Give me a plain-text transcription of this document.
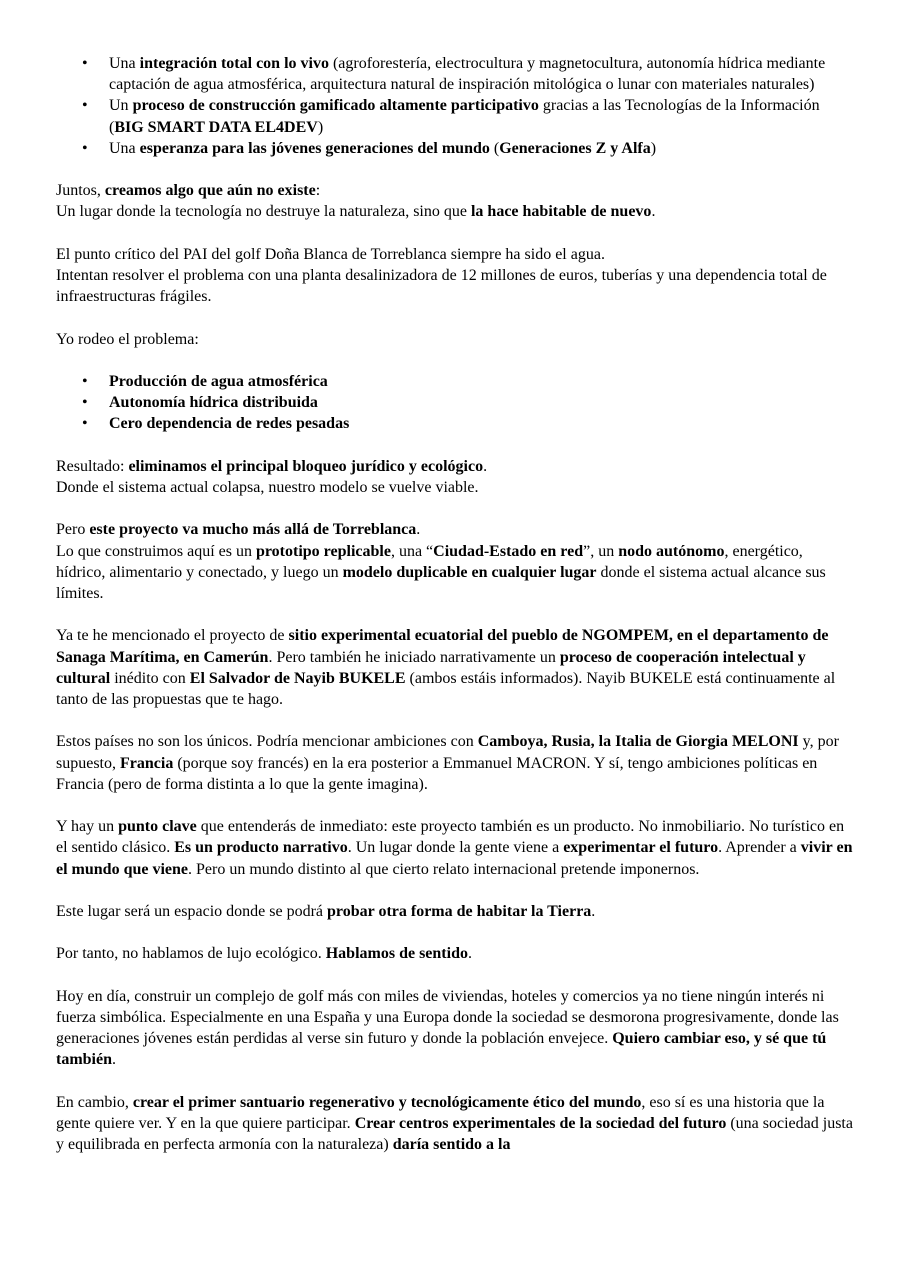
• Una integración total con lo vivo (agroforestería, electrocultura y magnetocultura, autonomía hídrica mediante captación de agua atmosférica, arquitectura natural de inspiración mitológica o lunar con materiales naturales)
• Un proceso de construcción gamificado altamente participativo gracias a las Tecnologías de la Información (BIG SMART DATA EL4DEV)
• Una esperanza para las jóvenes generaciones del mundo (Generaciones Z y Alfa)

Juntos, creamos algo que aún no existe:
Un lugar donde la tecnología no destruye la naturaleza, sino que la hace habitable de nuevo.

El punto crítico del PAI del golf Doña Blanca de Torreblanca siempre ha sido el agua.
Intentan resolver el problema con una planta desalinizadora de 12 millones de euros, tuberías y una dependencia total de infraestructuras frágiles.

Yo rodeo el problema:

• Producción de agua atmosférica
• Autonomía hídrica distribuida
• Cero dependencia de redes pesadas

Resultado: eliminamos el principal bloqueo jurídico y ecológico.
Donde el sistema actual colapsa, nuestro modelo se vuelve viable.

Pero este proyecto va mucho más allá de Torreblanca.
Lo que construimos aquí es un prototipo replicable, una “Ciudad-Estado en red”, un nodo autónomo, energético, hídrico, alimentario y conectado, y luego un modelo duplicable en cualquier lugar donde el sistema actual alcance sus límites.

Ya te he mencionado el proyecto de sitio experimental ecuatorial del pueblo de NGOMPEM, en el departamento de Sanaga Marítima, en Camerún. Pero también he iniciado narrativamente un proceso de cooperación intelectual y cultural inédito con El Salvador de Nayib BUKELE (ambos estáis informados). Nayib BUKELE está continuamente al tanto de las propuestas que te hago.

Estos países no son los únicos. Podría mencionar ambiciones con Camboya, Rusia, la Italia de Giorgia MELONI y, por supuesto, Francia (porque soy francés) en la era posterior a Emmanuel MACRON. Y sí, tengo ambiciones políticas en Francia (pero de forma distinta a lo que la gente imagina).

Y hay un punto clave que entenderás de inmediato: este proyecto también es un producto. No inmobiliario. No turístico en el sentido clásico. Es un producto narrativo. Un lugar donde la gente viene a experimentar el futuro. Aprender a vivir en el mundo que viene. Pero un mundo distinto al que cierto relato internacional pretende imponernos.

Este lugar será un espacio donde se podrá probar otra forma de habitar la Tierra.

Por tanto, no hablamos de lujo ecológico. Hablamos de sentido.

Hoy en día, construir un complejo de golf más con miles de viviendas, hoteles y comercios ya no tiene ningún interés ni fuerza simbólica. Especialmente en una España y una Europa donde la sociedad se desmorona progresivamente, donde las generaciones jóvenes están perdidas al verse sin futuro y donde la población envejece. Quiero cambiar eso, y sé que tú también.

En cambio, crear el primer santuario regenerativo y tecnológicamente ético del mundo, eso sí es una historia que la gente quiere ver. Y en la que quiere participar. Crear centros experimentales de la sociedad del futuro (una sociedad justa y equilibrada en perfecta armonía con la naturaleza) daría sentido a la
